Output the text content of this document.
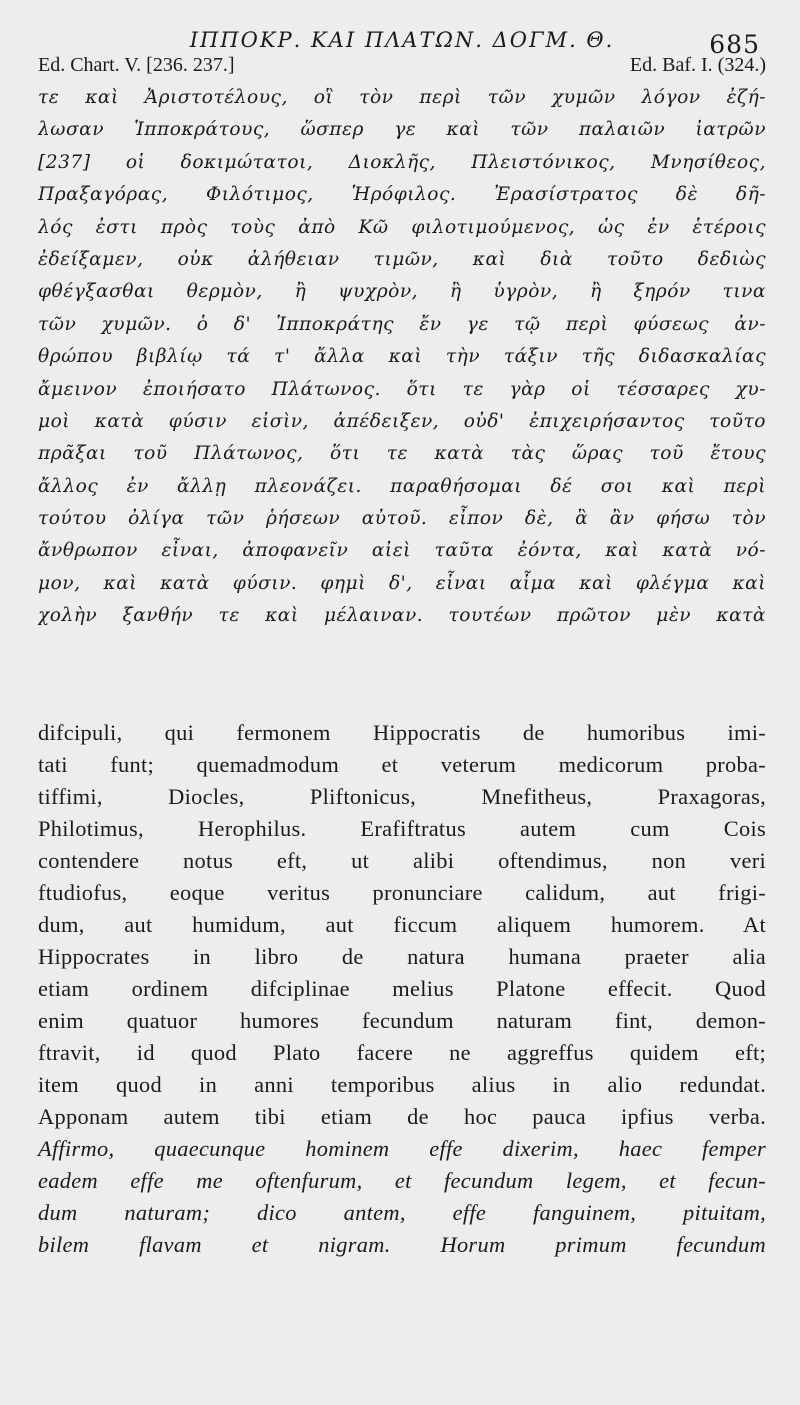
ΙΠΠΟΚΡ. ΚΑΙ ΠΛΑΤΩΝ. ΔΟΓΜ. Θ.	685
Ed. Chart. V. [236. 237.]	Ed. Baf. I. (324.)
τε καὶ Ἀριστοτέλους, οἳ τὸν περὶ τῶν χυμῶν λόγον ἐζή-
λωσαν Ἱπποκράτους, ὥσπερ γε καὶ τῶν παλαιῶν ἰατρῶν
[237] οἱ δοκιμώτατοι, Διοκλῆς, Πλειστόνικος, Μνησίθεος,
Πραξαγόρας, Φιλότιμος, Ἡρόφιλος. Ἐρασίστρατος δὲ δῆ-
λός ἐστι πρὸς τοὺς ἀπὸ Κῶ φιλοτιμούμενος, ὡς ἐν ἑτέροις
ἐδείξαμεν, οὐκ ἀλήθειαν τιμῶν, καὶ διὰ τοῦτο δεδιὼς
φθέγξασθαι θερμὸν, ἢ ψυχρὸν, ἢ ὑγρὸν, ἢ ξηρόν τινα
τῶν χυμῶν. ὁ δ' Ἱπποκράτης ἔν γε τῷ περὶ φύσεως ἀν-
θρώπου βιβλίῳ τά τ' ἄλλα καὶ τὴν τάξιν τῆς διδασκαλίας
ἄμεινον ἐποιήσατο Πλάτωνος. ὅτι τε γὰρ οἱ τέσσαρες χυ-
μοὶ κατὰ φύσιν εἰσὶν, ἀπέδειξεν, οὐδ' ἐπιχειρήσαντος τοῦτο
πρᾶξαι τοῦ Πλάτωνος, ὅτι τε κατὰ τὰς ὥρας τοῦ ἔτους
ἄλλος ἐν ἄλλῃ πλεονάζει. παραθήσομαι δέ σοι καὶ περὶ
τούτου ὀλίγα τῶν ῥήσεων αὐτοῦ. εἶπον δὲ, ἃ ἂν φήσω τὸν
ἄνθρωπον εἶναι, ἀποφανεῖν αἰεὶ ταῦτα ἐόντα, καὶ κατὰ νό-
μον, καὶ κατὰ φύσιν. φημὶ δ', εἶναι αἷμα καὶ φλέγμα καὶ
χολὴν ξανθήν τε καὶ μέλαιναν. τουτέων πρῶτον μὲν κατὰ
difcipuli, qui fermonem Hippocratis de humoribus imi-
tati funt; quemadmodum et veterum medicorum proba-
tiffimi, Diocles, Pliftonicus, Mnefitheus, Praxagoras,
Philotimus, Herophilus. Erafiftratus autem cum Cois
contendere notus eft, ut alibi oftendimus, non veri
ftudiofus, eoque veritus pronunciare calidum, aut frigi-
dum, aut humidum, aut ficcum aliquem humorem. At
Hippocrates in libro de natura humana praeter alia
etiam ordinem difciplinae melius Platone effecit. Quod
enim quatuor humores fecundum naturam fint, demon-
ftravit, id quod Plato facere ne aggreffus quidem eft;
item quod in anni temporibus alius in alio redundat.
Apponam autem tibi etiam de hoc pauca ipfius verba.
Affirmo, quaecunque hominem effe dixerim, haec femper
eadem effe me oftenfurum, et fecundum legem, et fecun-
dum naturam; dico antem, effe fanguinem, pituitam,
bilem flavam et nigram. Horum primum fecundum
